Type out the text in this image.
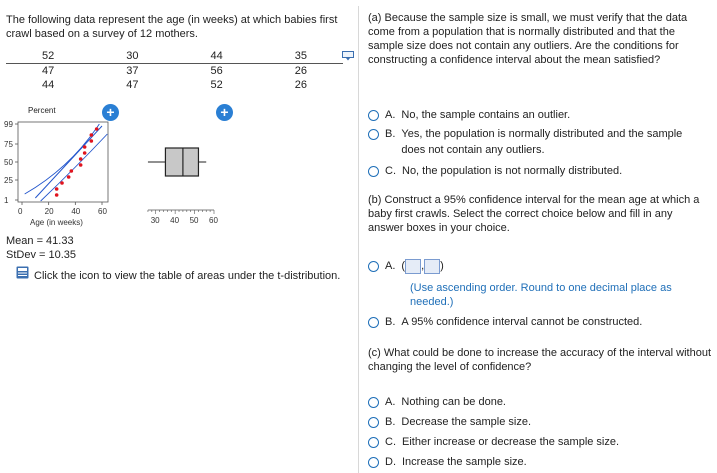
The following data represent the age (in weeks) at which babies first crawl based on a survey of 12 mothers.
52	30	44	35
47	37	56	26
44	47	52	26
Percent	+
99
75
50
25
1
0	20 40 60
Age (in weeks)
+
30 40 50 60
Mean = 41.33
StDev = 10.35
Click the icon to view the table of areas under the t-distribution.
(a) Because the sample size is small, we must verify that the data come from a population that is normally distributed and that the sample size does not contain any outliers. Are the conditions for constructing a confidence interval about the mean satisfied?
A. No, the sample contains an outlier.
B. Yes, the population is normally distributed and the sample does not contain any outliers.
C. No, the population is not normally distributed.
(b) Construct a 95% confidence interval for the mean age at which a baby first crawls. Select the correct choice below and fill in any answer boxes in your choice.
A. ( , )
(Use ascending order. Round to one decimal place as needed.)
B. A 95% confidence interval cannot be constructed.
(c) What could be done to increase the accuracy of the interval without changing the level of confidence?
A. Nothing can be done.
B. Decrease the sample size.
C. Either increase or decrease the sample size.
D. Increase the sample size.
